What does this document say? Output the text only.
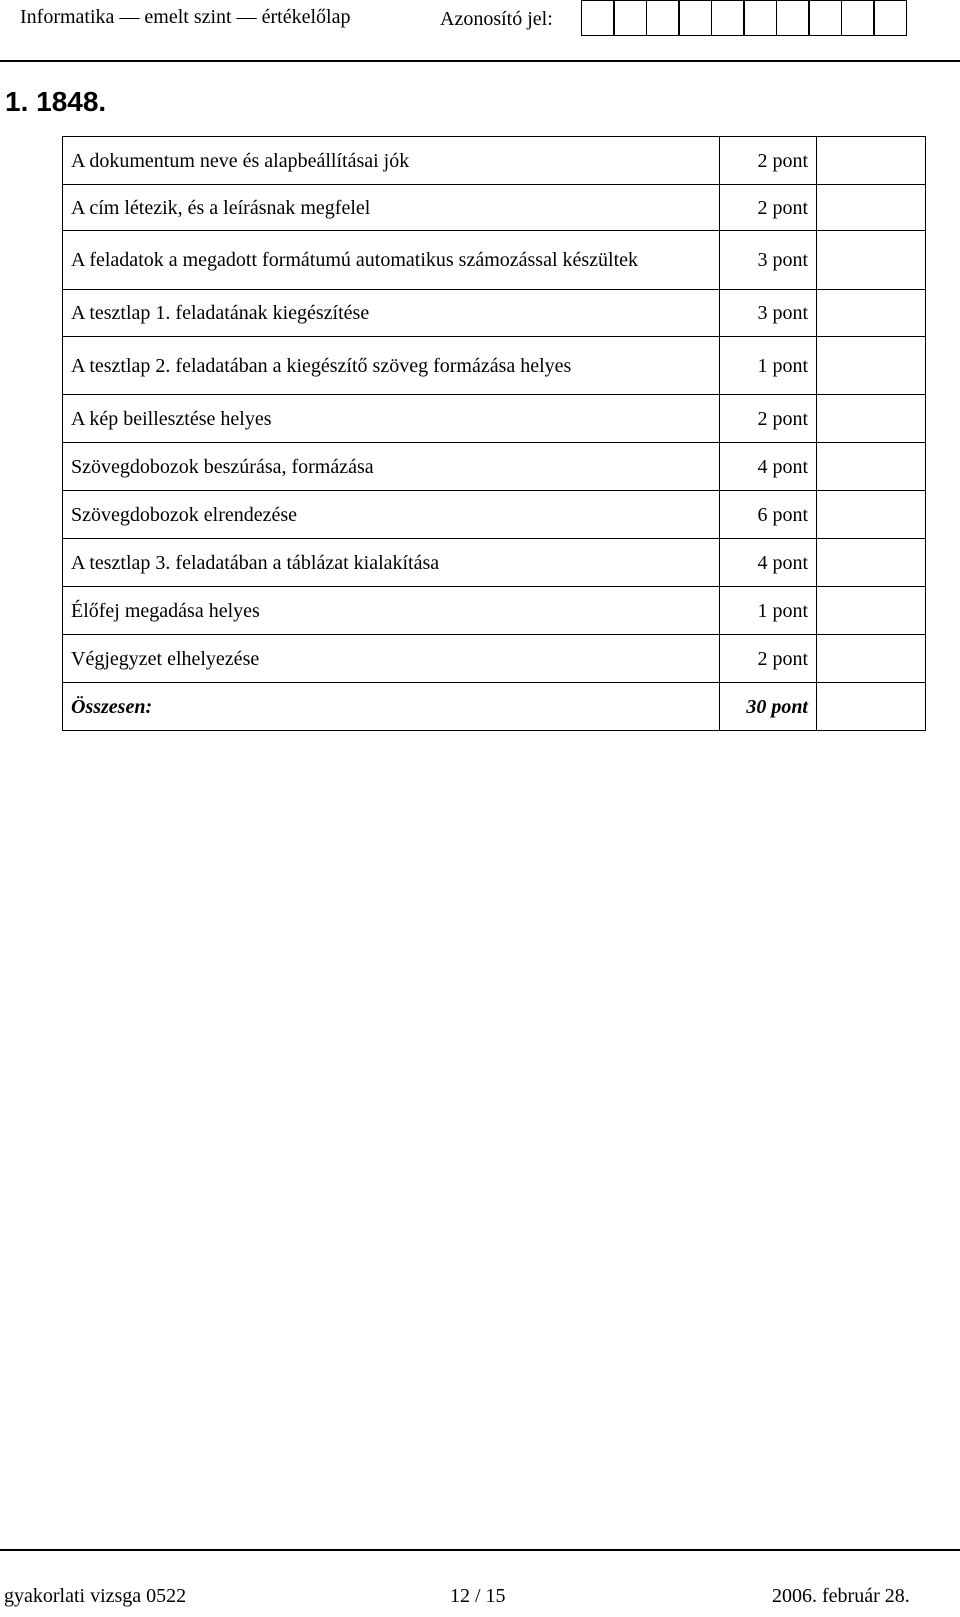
Informatika — emelt szint — értékelőlap	Azonosító jel:
1. 1848.
A dokumentum neve és alapbeállításai jók	2 pont	
A cím létezik, és a leírásnak megfelel	2 pont	
A feladatok a megadott formátumú automatikus számozással készültek	3 pont	
A tesztlap 1. feladatának kiegészítése	3 pont	
A tesztlap 2. feladatában a kiegészítő szöveg formázása helyes	1 pont	
A kép beillesztése helyes	2 pont	
Szövegdobozok beszúrása, formázása	4 pont	
Szövegdobozok elrendezése	6 pont	
A tesztlap 3. feladatában a táblázat kialakítása	4 pont	
Élőfej megadása helyes	1 pont	
Végjegyzet elhelyezése	2 pont	
Összesen:	30 pont	
gyakorlati vizsga 0522	12 / 15	2006. február 28.
